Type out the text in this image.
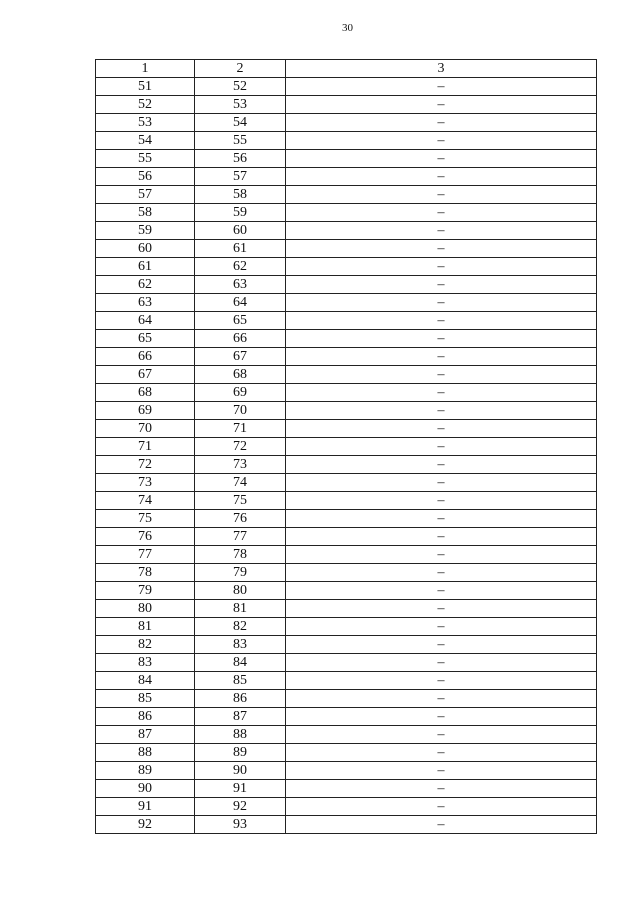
30
1	2	3
51	52	–
52	53	–
53	54	–
54	55	–
55	56	–
56	57	–
57	58	–
58	59	–
59	60	–
60	61	–
61	62	–
62	63	–
63	64	–
64	65	–
65	66	–
66	67	–
67	68	–
68	69	–
69	70	–
70	71	–
71	72	–
72	73	–
73	74	–
74	75	–
75	76	–
76	77	–
77	78	–
78	79	–
79	80	–
80	81	–
81	82	–
82	83	–
83	84	–
84	85	–
85	86	–
86	87	–
87	88	–
88	89	–
89	90	–
90	91	–
91	92	–
92	93	–
